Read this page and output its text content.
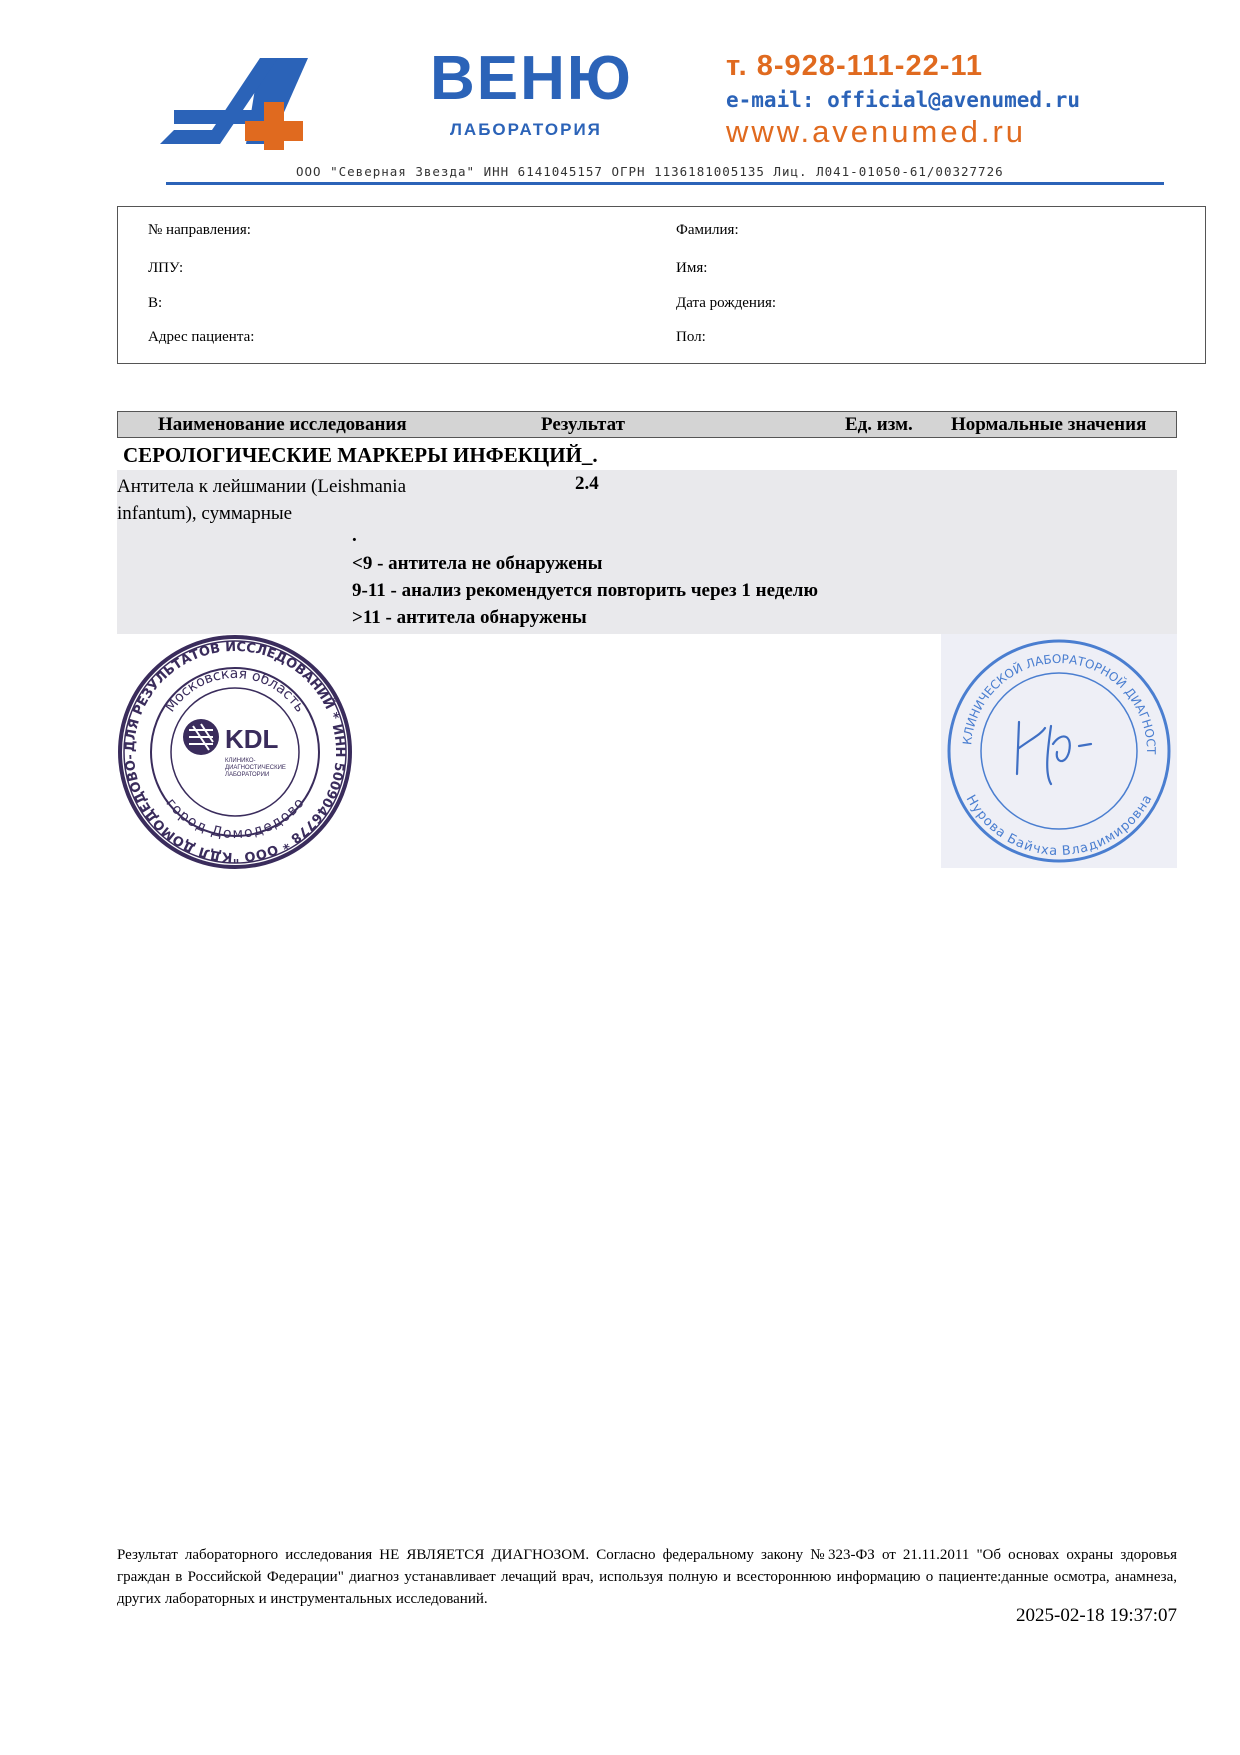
ВЕНЮ
ЛАБОРАТОРИЯ
т. 8-928-111-22-11
e-mail: official@avenumed.ru
www.avenumed.ru
ООО "Северная Звезда" ИНН 6141045157 ОГРН 1136181005135 Лиц. Л041-01050-61/00327726
№ направления:
ЛПУ:
В:
Адрес пациента:
Фамилия:
Имя:
Дата рождения:
Пол:
Наименование исследования	Результат	Ед. изм. Нормальные значения
СЕРОЛОГИЧЕСКИЕ МАРКЕРЫ ИНФЕКЦИЙ_.
Антитела к лейшмании (Leishmania
infantum), суммарные
2.4
.
<9 - антитела не обнаружены
9-11 - анализ рекомендуется повторить через 1 неделю
>11 - антитела обнаружены
ДЛЯ РЕЗУЛЬТАТОВ ИССЛЕДОВАНИЙ * ИНН 5009046778 * ООО "КДЛ ДОМОДЕДОВО-
Московская область
город Домодедово
KDL
КЛИНИКО-
ДИАГНОСТИЧЕСКИЕ
ЛАБОРАТОРИИ
КЛИНИЧЕСКОЙ ЛАБОРАТОРНОЙ ДИАГНОСТ
Нурова Байчха Владимировна
Результат лабораторного исследования НЕ ЯВЛЯЕТСЯ ДИАГНОЗОМ. Согласно федеральному закону №323-ФЗ от 21.11.2011 "Об основах охраны здоровья граждан в Российской Федерации" диагноз устанавливает лечащий врач, используя полную и всестороннюю информацию о пациенте:данные осмотра, анамнеза, других лабораторных и инструментальных исследований.
2025-02-18 19:37:07
